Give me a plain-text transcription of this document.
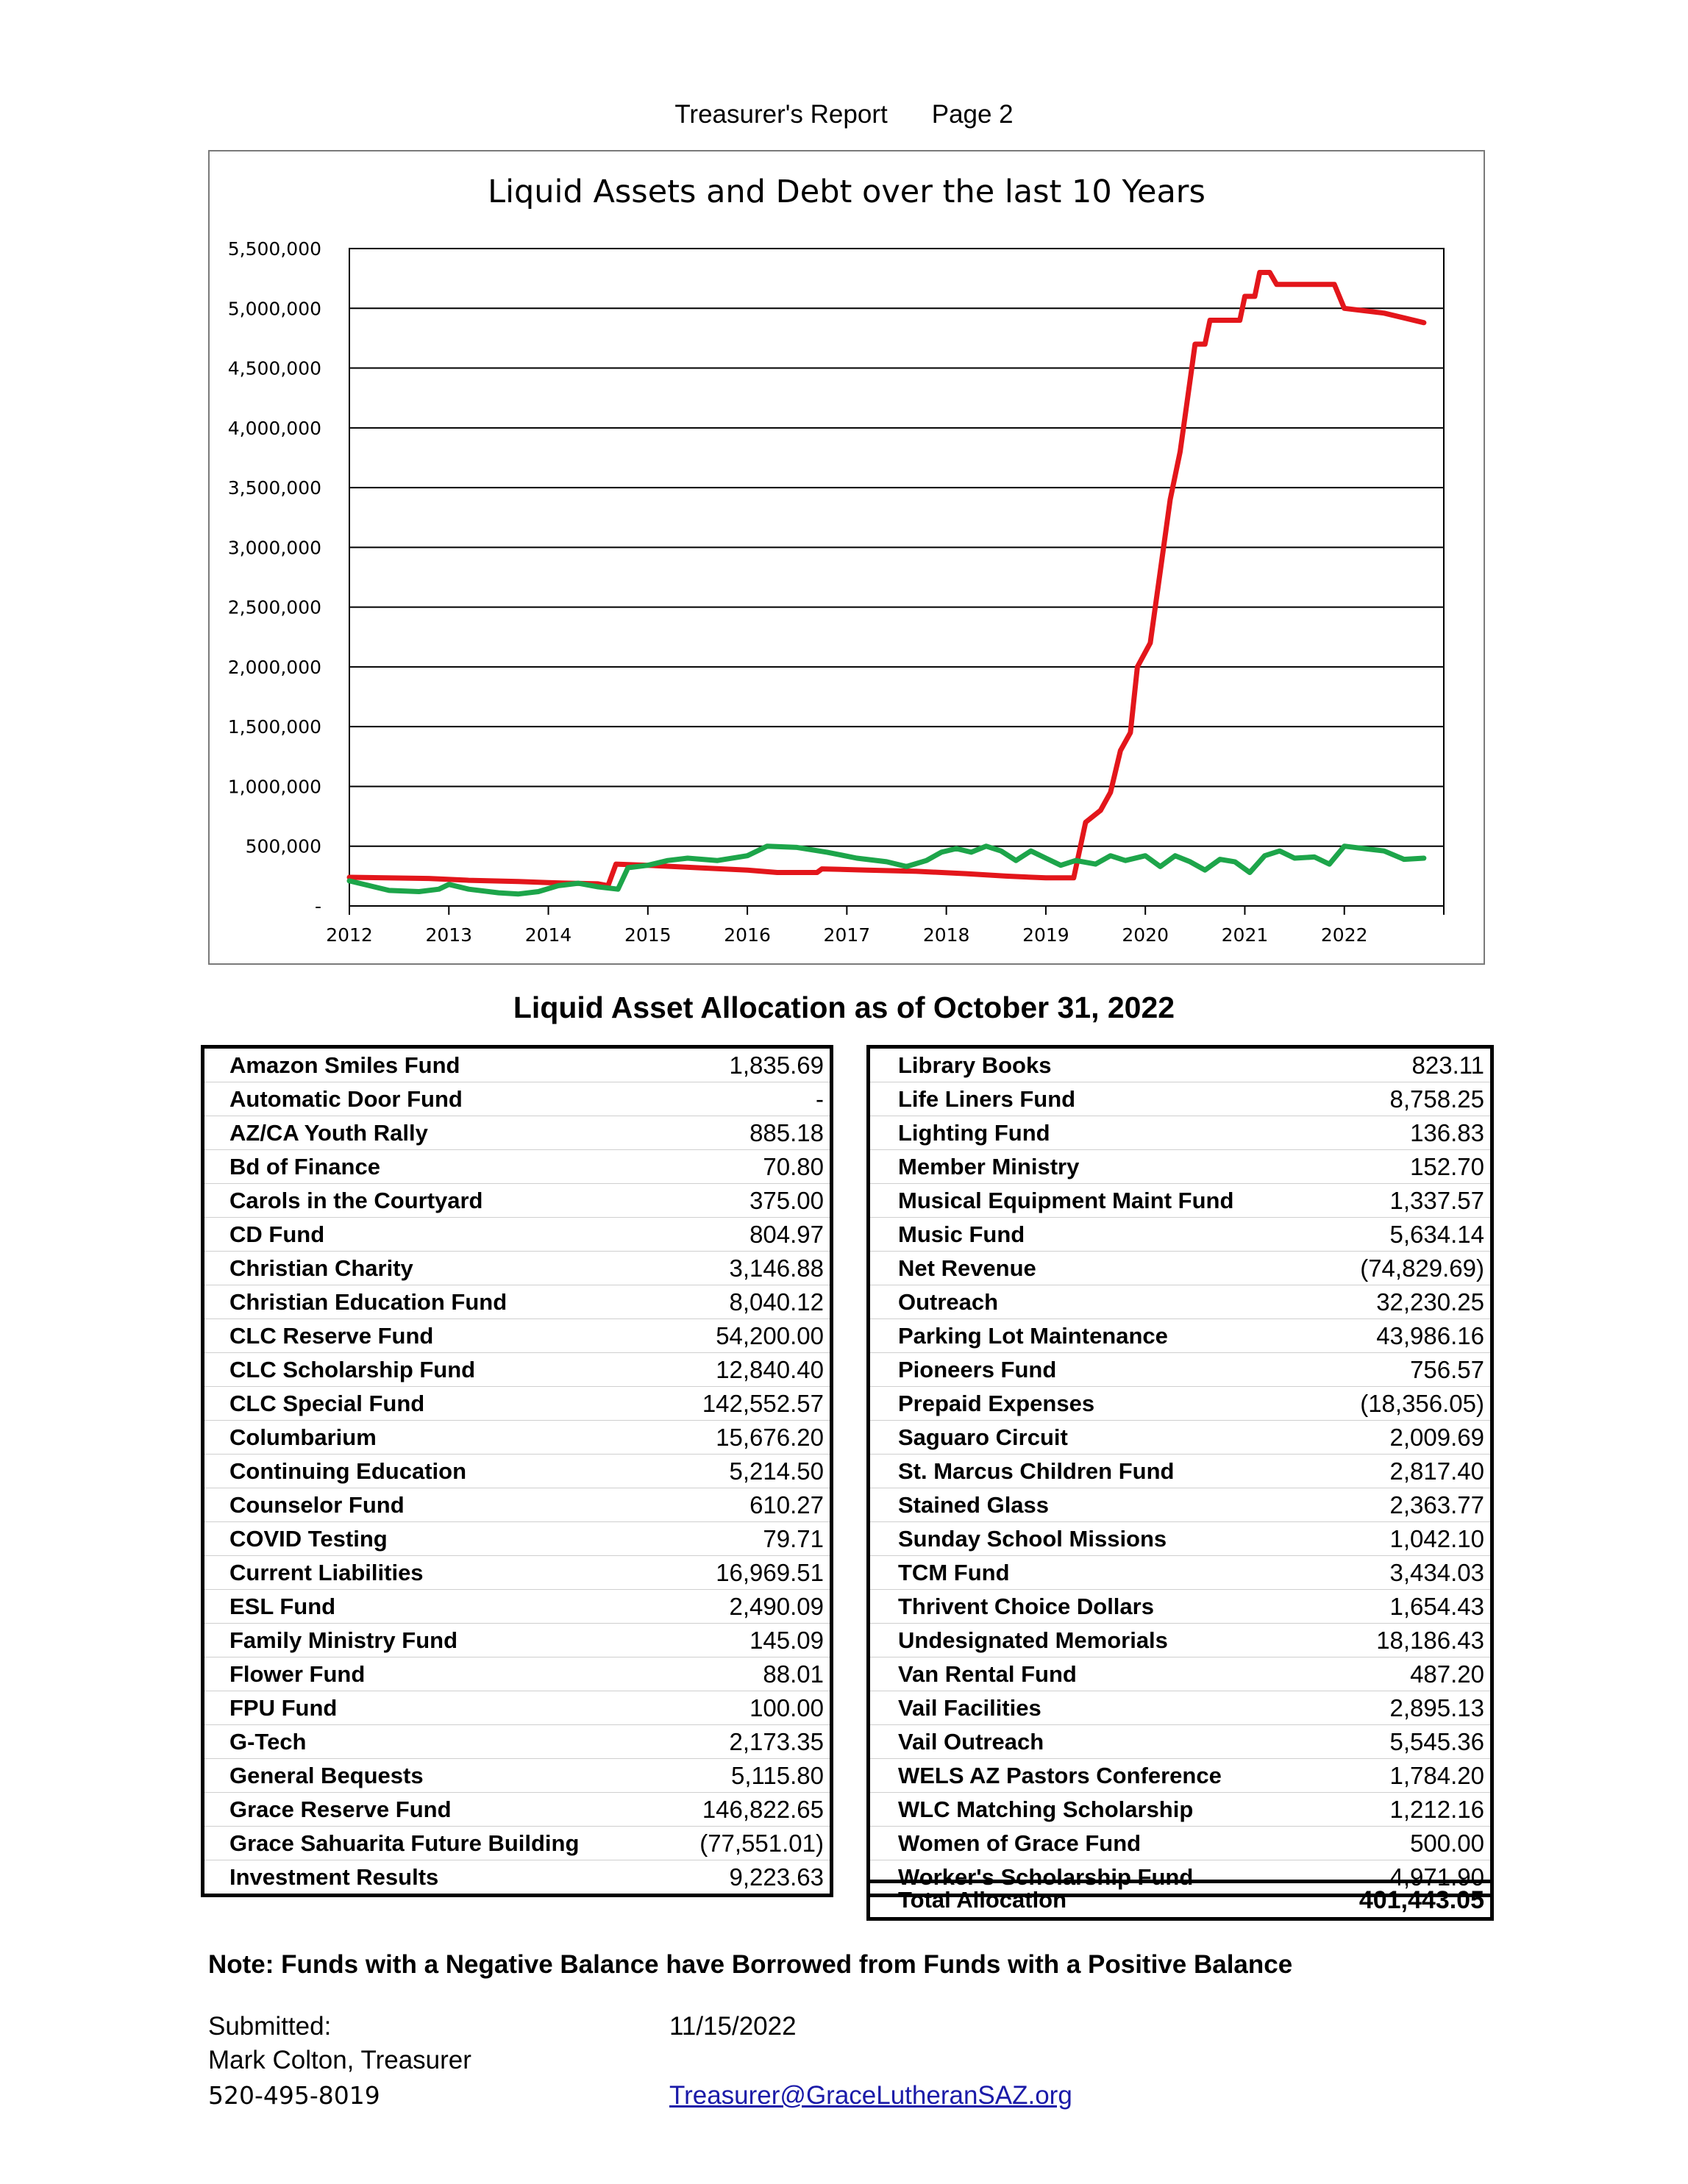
Treasurer's Report Page 2
Liquid Assets and Debt over the last 10 Years
5,500,000
5,000,000
4,500,000
4,000,000
3,500,000
3,000,000
2,500,000
2,000,000
1,500,000
1,000,000
500,000
-
2012	2013	2014	2015	2016	2017	2018	2019	2020	2021	2022
Liquid Asset Allocation as of October 31, 2022
Amazon Smiles Fund	1,835.69
Automatic Door Fund	-
AZ/CA Youth Rally	885.18
Bd of Finance	70.80
Carols in the Courtyard	375.00
CD Fund	804.97
Christian Charity	3,146.88
Christian Education Fund	8,040.12
CLC Reserve Fund	54,200.00
CLC Scholarship Fund	12,840.40
CLC Special Fund	142,552.57
Columbarium	15,676.20
Continuing Education	5,214.50
Counselor Fund	610.27
COVID Testing	79.71
Current Liabilities	16,969.51
ESL Fund	2,490.09
Family Ministry Fund	145.09
Flower Fund	88.01
FPU Fund	100.00
G-Tech	2,173.35
General Bequests	5,115.80
Grace Reserve Fund	146,822.65
Grace Sahuarita Future Building	(77,551.01)
Investment Results	9,223.63
Library Books	823.11
Life Liners Fund	8,758.25
Lighting Fund	136.83
Member Ministry	152.70
Musical Equipment Maint Fund	1,337.57
Music Fund	5,634.14
Net Revenue	(74,829.69)
Outreach	32,230.25
Parking Lot Maintenance	43,986.16
Pioneers Fund	756.57
Prepaid Expenses	(18,356.05)
Saguaro Circuit	2,009.69
St. Marcus Children Fund	2,817.40
Stained Glass	2,363.77
Sunday School Missions	1,042.10
TCM Fund	3,434.03
Thrivent Choice Dollars	1,654.43
Undesignated Memorials	18,186.43
Van Rental Fund	487.20
Vail Facilities	2,895.13
Vail Outreach	5,545.36
WELS AZ Pastors Conference	1,784.20
WLC Matching Scholarship	1,212.16
Women of Grace Fund	500.00
Worker's Scholarship Fund	4,971.90
Total Allocation	401,443.05
Note: Funds with a Negative Balance have Borrowed from Funds with a Positive Balance
Submitted:	11/15/2022
Mark Colton, Treasurer
520-495-8019	Treasurer@GraceLutheranSAZ.org
